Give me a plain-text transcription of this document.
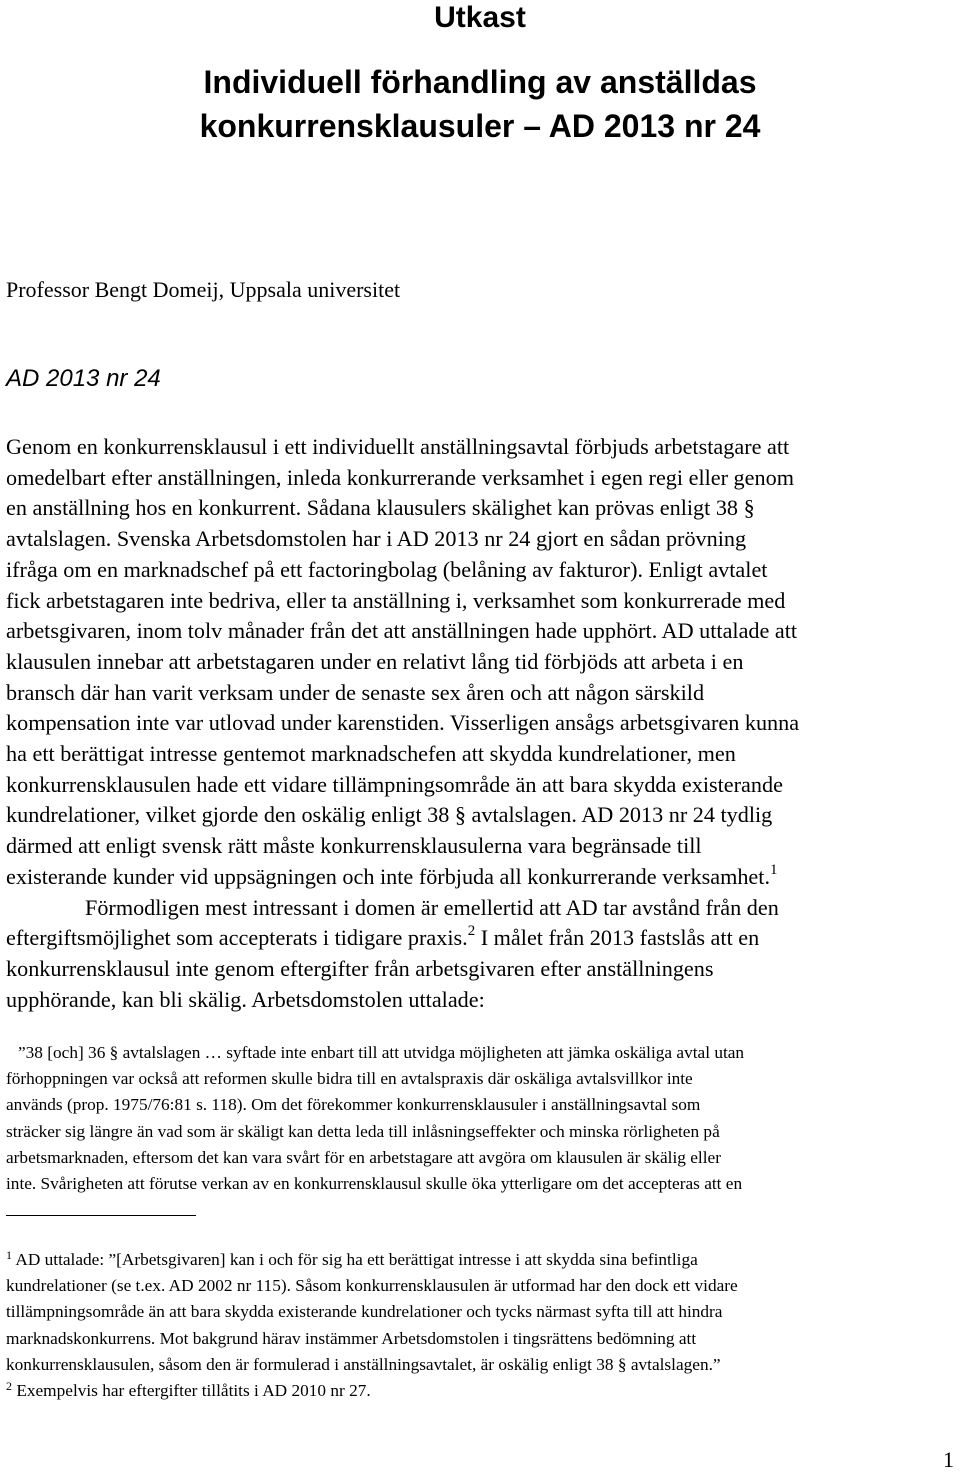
Utkast
Individuell förhandling av anställdas
konkurrensklausuler – AD 2013 nr 24
Professor Bengt Domeij, Uppsala universitet
AD 2013 nr 24
Genom en konkurrensklausul i ett individuellt anställningsavtal förbjuds arbetstagare att
omedelbart efter anställningen, inleda konkurrerande verksamhet i egen regi eller genom
en anställning hos en konkurrent. Sådana klausulers skälighet kan prövas enligt 38 §
avtalslagen. Svenska Arbetsdomstolen har i AD 2013 nr 24 gjort en sådan prövning
ifråga om en marknadschef på ett factoringbolag (belåning av fakturor). Enligt avtalet
fick arbetstagaren inte bedriva, eller ta anställning i, verksamhet som konkurrerade med
arbetsgivaren, inom tolv månader från det att anställningen hade upphört. AD uttalade att
klausulen innebar att arbetstagaren under en relativt lång tid förbjöds att arbeta i en
bransch där han varit verksam under de senaste sex åren och att någon särskild
kompensation inte var utlovad under karenstiden. Visserligen ansågs arbetsgivaren kunna
ha ett berättigat intresse gentemot marknadschefen att skydda kundrelationer, men
konkurrensklausulen hade ett vidare tillämpningsområde än att bara skydda existerande
kundrelationer, vilket gjorde den oskälig enligt 38 § avtalslagen. AD 2013 nr 24 tydlig
därmed att enligt svensk rätt måste konkurrensklausulerna vara begränsade till
existerande kunder vid uppsägningen och inte förbjuda all konkurrerande verksamhet.$^1$
Förmodligen mest intressant i domen är emellertid att AD tar avstånd från den
eftergiftsmöjlighet som accepterats i tidigare praxis.$^2$ I målet från 2013 fastslås att en
konkurrensklausul inte genom eftergifter från arbetsgivaren efter anställningens
upphörande, kan bli skälig. Arbetsdomstolen uttalade:
”38 [och] 36 § avtalslagen … syftade inte enbart till att utvidga möjligheten att jämka oskäliga avtal utan
förhoppningen var också att reformen skulle bidra till en avtalspraxis där oskäliga avtalsvillkor inte
används (prop. 1975/76:81 s. 118). Om det förekommer konkurrensklausuler i anställningsavtal som
sträcker sig längre än vad som är skäligt kan detta leda till inlåsningseffekter och minska rörligheten på
arbetsmarknaden, eftersom det kan vara svårt för en arbetstagare att avgöra om klausulen är skälig eller
inte. Svårigheten att förutse verkan av en konkurrensklausul skulle öka ytterligare om det accepteras att en
$^1$ AD uttalade: ”[Arbetsgivaren] kan i och för sig ha ett berättigat intresse i att skydda sina befintliga
kundrelationer (se t.ex. AD 2002 nr 115). Såsom konkurrensklausulen är utformad har den dock ett vidare
tillämpningsområde än att bara skydda existerande kundrelationer och tycks närmast syfta till att hindra
marknadskonkurrens. Mot bakgrund härav instämmer Arbetsdomstolen i tingsrättens bedömning att
konkurrensklausulen, såsom den är formulerad i anställningsavtalet, är oskälig enligt 38 § avtalslagen.”
$^2$ Exempelvis har eftergifter tillåtits i AD 2010 nr 27.
1
